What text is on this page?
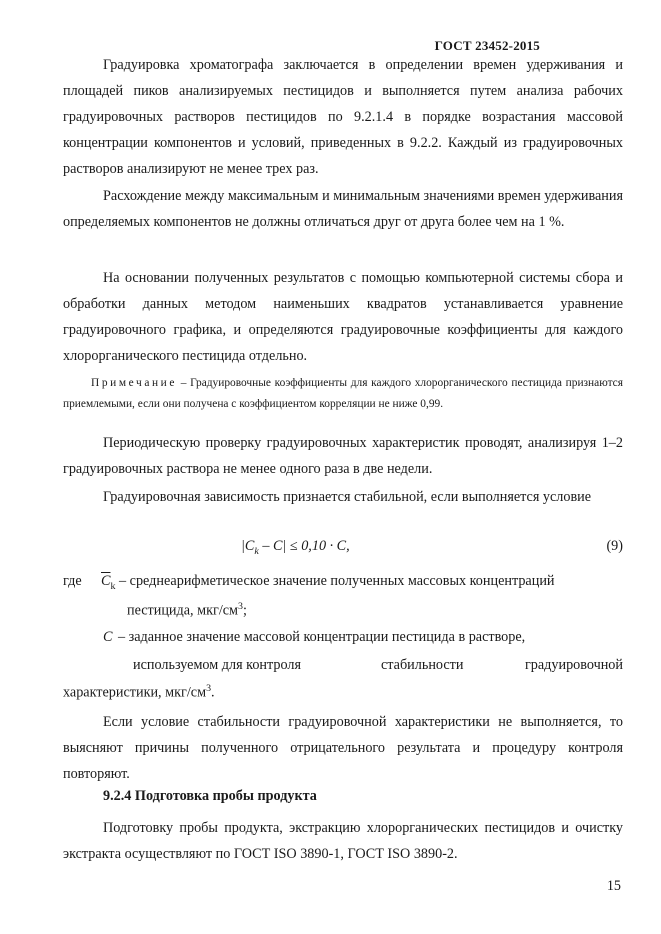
ГОСТ 23452-2015

Градуировка хроматографа заключается в определении времен удерживания и площадей пиков анализируемых пестицидов и выполняется путем анализа рабочих градуировочных растворов пестицидов по 9.2.1.4 в порядке возрастания массовой концентрации компонентов и условий, приведенных в 9.2.2. Каждый из градуировочных растворов анализируют не менее трех раз.

Расхождение между максимальным и минимальным значениями времен удерживания определяемых компонентов не должны отличаться друг от друга более чем на 1 %.

На основании полученных результатов с помощью компьютерной системы сбора и обработки данных методом наименьших квадратов устанавливается уравнение градуировочного графика, и определяются градуировочные коэффициенты для каждого хлорорганического пестицида отдельно.

Примечание – Градуировочные коэффициенты для каждого хлорорганического пестицида признаются приемлемыми, если они получена с коэффициентом корреляции не ниже 0,99.

Периодическую проверку градуировочных характеристик проводят, анализируя 1–2 градуировочных раствора не менее одного раза в две недели.

Градуировочная зависимость признается стабильной, если выполняется условие

$|C_k - C| \le 0,10 \cdot C$,	(9)
где $\overline{C}_k$ – среднеарифметическое значение полученных массовых концентраций
пестицида, мкг/$см^3$;
C – заданное значение массовой концентрации пестицида в растворе,
используемом для контроля	стабильности	градуировочной
характеристики, мкг/$см^3$.

Если условие стабильности градуировочной характеристики не выполняется, то выясняют причины полученного отрицательного результата и процедуру контроля повторяют.

9.2.4 Подготовка пробы продукта

Подготовку пробы продукта, экстракцию хлорорганических пестицидов и очистку экстракта осуществляют по ГОСТ ISO 3890-1, ГОСТ ISO 3890-2.

15
